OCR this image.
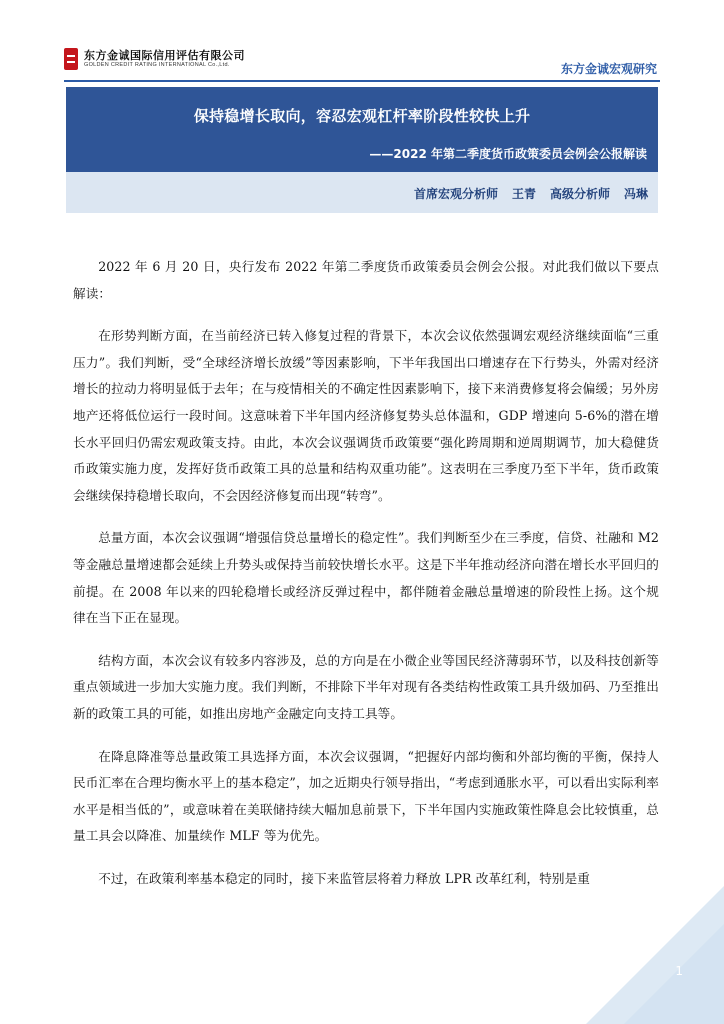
东方金诚国际信用评估有限公司
GOLDEN CREDIT RATING INTERNATIONAL Co.,Ltd.	东方金诚宏观研究
保持稳增长取向，容忍宏观杠杆率阶段性较快上升
——2022 年第二季度货币政策委员会例会公报解读
首席宏观分析师 王青 高级分析师 冯琳

2022 年 6 月 20 日，央行发布 2022 年第二季度货币政策委员会例会公报。对此我们做以下要点解读：

在形势判断方面，在当前经济已转入修复过程的背景下，本次会议依然强调宏观经济继续面临“三重压力”。我们判断，受“全球经济增长放缓”等因素影响，下半年我国出口增速存在下行势头，外需对经济增长的拉动力将明显低于去年；在与疫情相关的不确定性因素影响下，接下来消费修复将会偏缓；另外房地产还将低位运行一段时间。这意味着下半年国内经济修复势头总体温和，GDP 增速向 5-6%的潜在增长水平回归仍需宏观政策支持。由此，本次会议强调货币政策要“强化跨周期和逆周期调节，加大稳健货币政策实施力度，发挥好货币政策工具的总量和结构双重功能”。这表明在三季度乃至下半年，货币政策会继续保持稳增长取向，不会因经济修复而出现“转弯”。

总量方面，本次会议强调“增强信贷总量增长的稳定性”。我们判断至少在三季度，信贷、社融和 M2 等金融总量增速都会延续上升势头或保持当前较快增长水平。这是下半年推动经济向潜在增长水平回归的前提。在 2008 年以来的四轮稳增长或经济反弹过程中，都伴随着金融总量增速的阶段性上扬。这个规律在当下正在显现。

结构方面，本次会议有较多内容涉及，总的方向是在小微企业等国民经济薄弱环节，以及科技创新等重点领域进一步加大实施力度。我们判断，不排除下半年对现有各类结构性政策工具升级加码、乃至推出新的政策工具的可能，如推出房地产金融定向支持工具等。

在降息降准等总量政策工具选择方面，本次会议强调，“把握好内部均衡和外部均衡的平衡，保持人民币汇率在合理均衡水平上的基本稳定”，加之近期央行领导指出，“考虑到通胀水平，可以看出实际利率水平是相当低的”，或意味着在美联储持续大幅加息前景下，下半年国内实施政策性降息会比较慎重，总量工具会以降准、加量续作 MLF 等为优先。

不过，在政策利率基本稳定的同时，接下来监管层将着力释放 LPR 改革红利，特别是重

1
